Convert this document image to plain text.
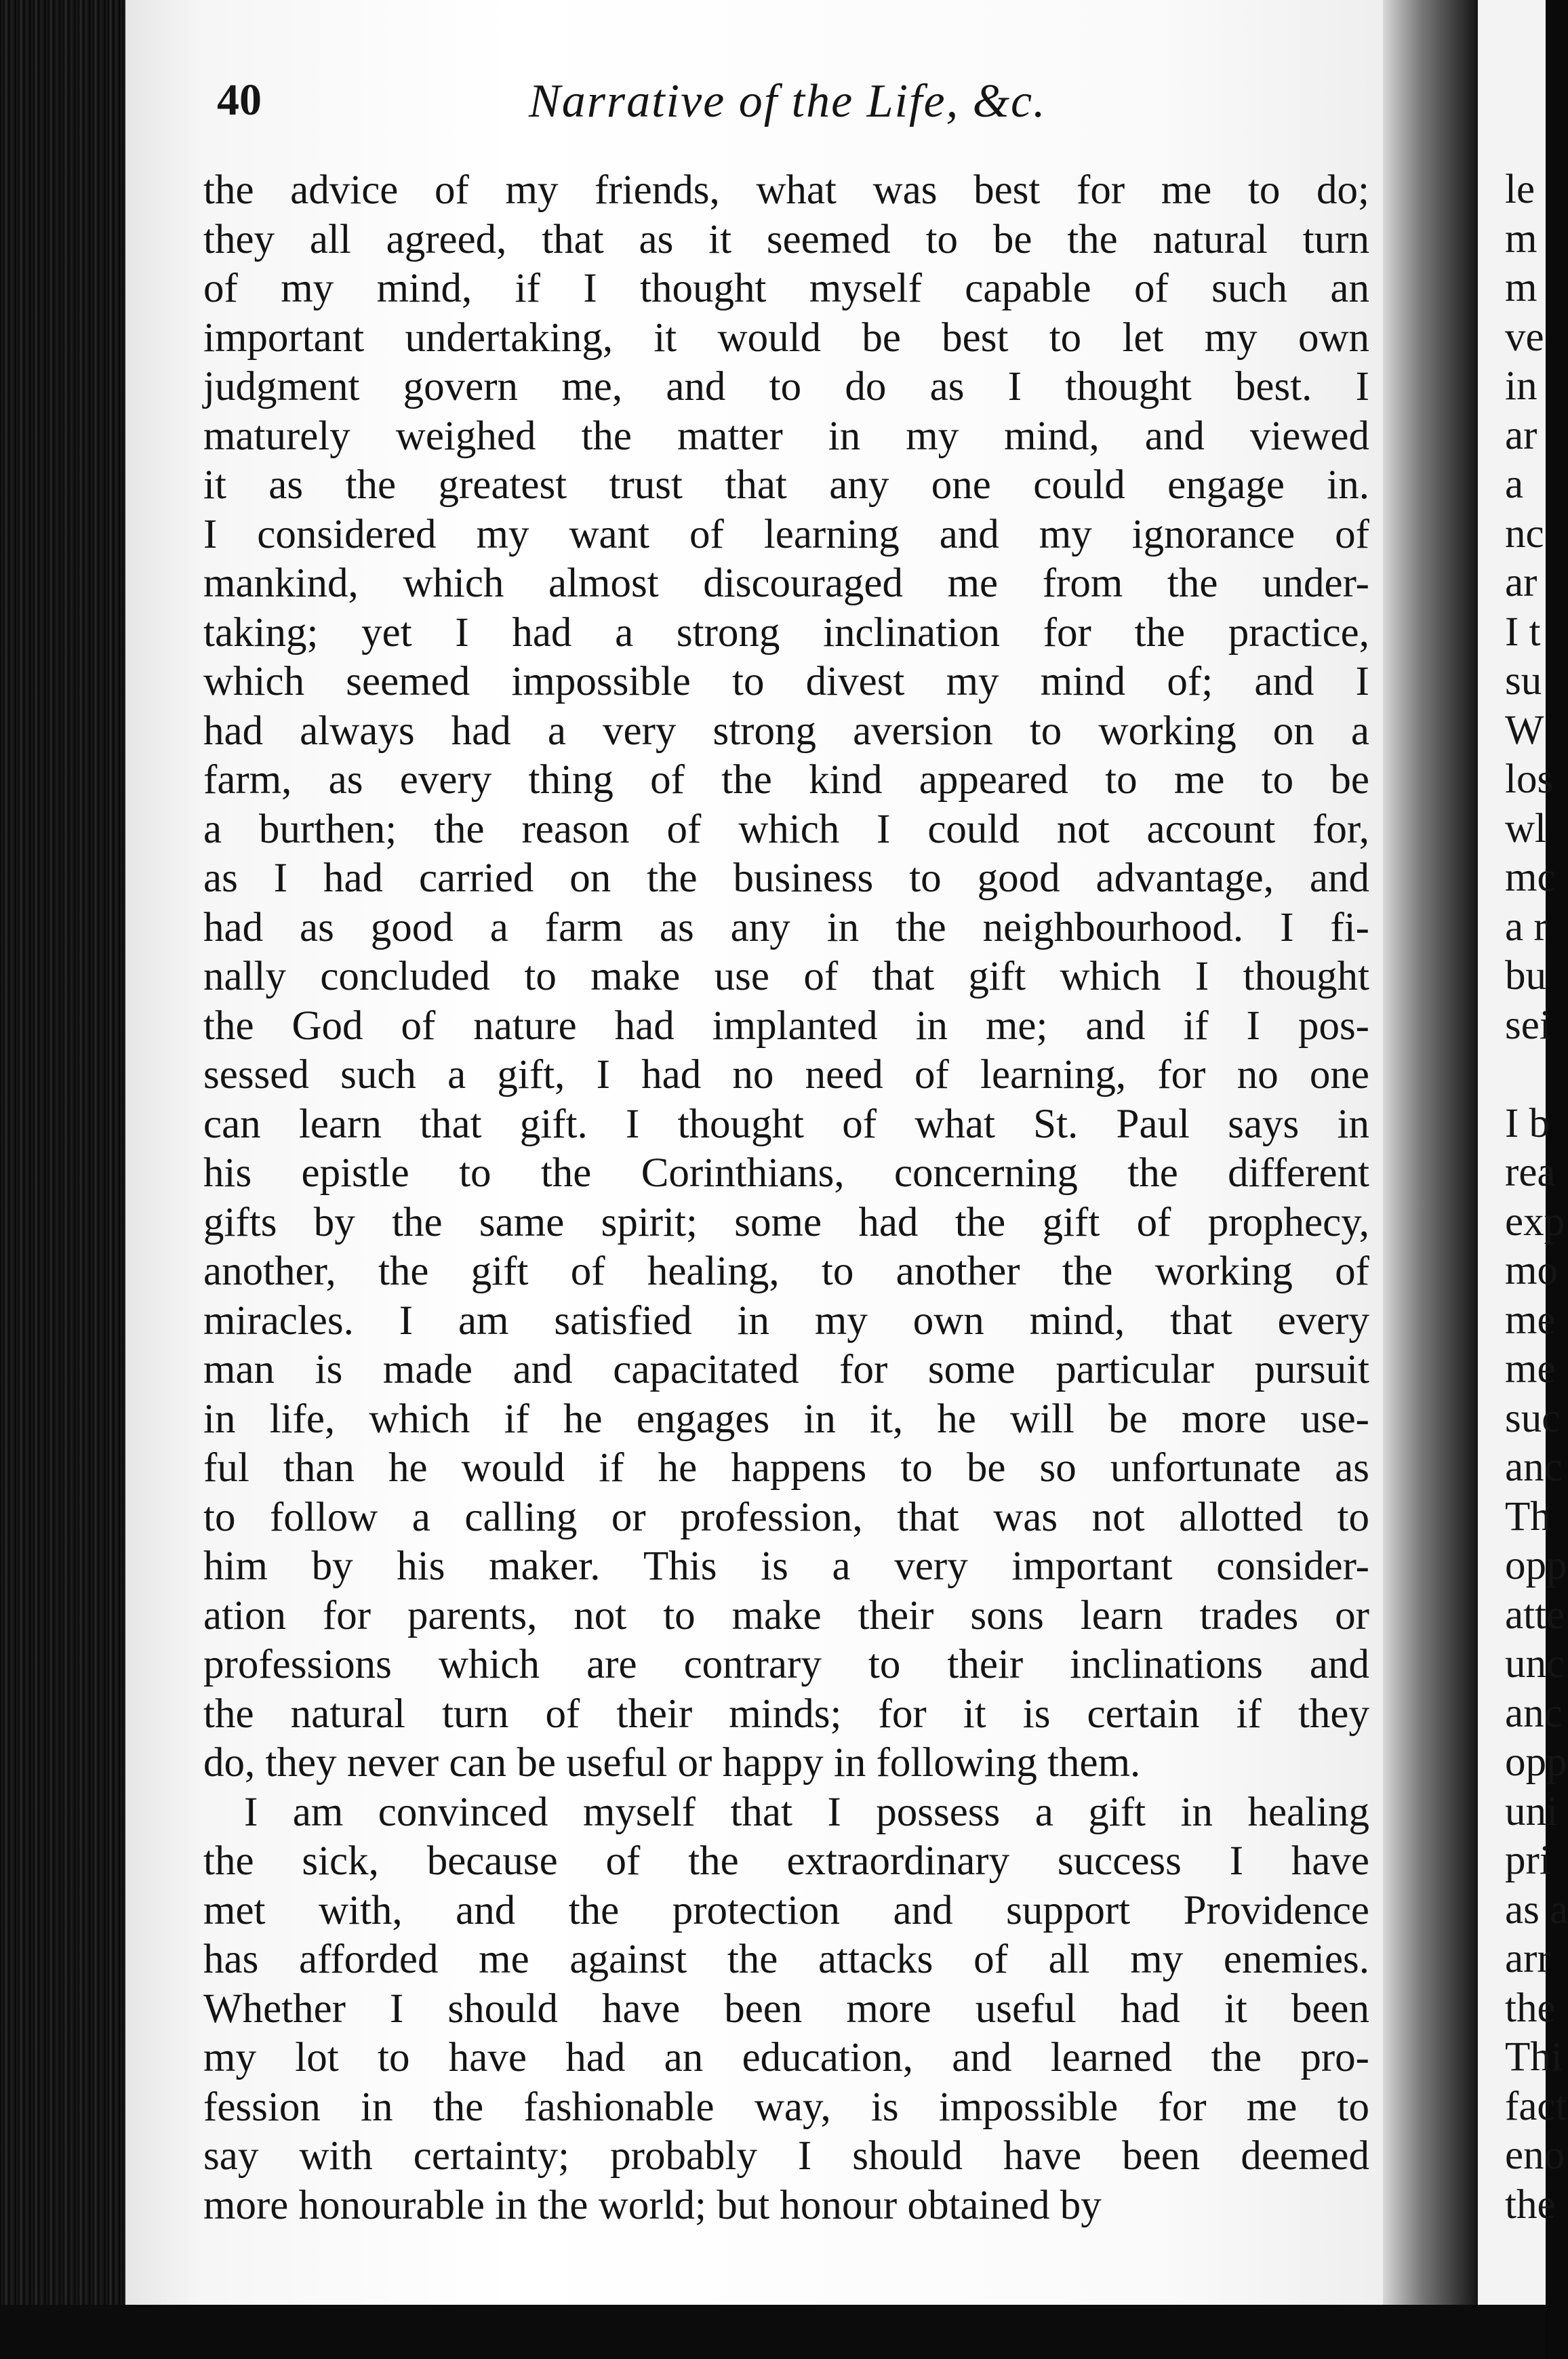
le
m
m
ve
in
ar
a
nc
ar
I t
su
W
los
wl
mc
a r
bu
sei
I b
rea
exp
mo
me
me
suc
anc
Th
opp
atte
unc
anc
opp
uni
pri
as a
arr
the
Thi
fact
eno
the
40	Narrative of the Life, &c.
the advice of my friends, what was best for me to do;
they all agreed, that as it seemed to be the natural turn
of my mind, if I thought myself capable of such an
important undertaking, it would be best to let my own
judgment govern me, and to do as I thought best. I
maturely weighed the matter in my mind, and viewed
it as the greatest trust that any one could engage in.
I considered my want of learning and my ignorance of
mankind, which almost discouraged me from the under-
taking; yet I had a strong inclination for the practice,
which seemed impossible to divest my mind of; and I
had always had a very strong aversion to working on a
farm, as every thing of the kind appeared to me to be
a burthen; the reason of which I could not account for,
as I had carried on the business to good advantage, and
had as good a farm as any in the neighbourhood. I fi-
nally concluded to make use of that gift which I thought
the God of nature had implanted in me; and if I pos-
sessed such a gift, I had no need of learning, for no one
can learn that gift. I thought of what St. Paul says in
his epistle to the Corinthians, concerning the different
gifts by the same spirit; some had the gift of prophecy,
another, the gift of healing, to another the working of
miracles. I am satisfied in my own mind, that every
man is made and capacitated for some particular pursuit
in life, which if he engages in it, he will be more use-
ful than he would if he happens to be so unfortunate as
to follow a calling or profession, that was not allotted to
him by his maker. This is a very important consider-
ation for parents, not to make their sons learn trades or
professions which are contrary to their inclinations and
the natural turn of their minds; for it is certain if they
do, they never can be useful or happy in following them.
I am convinced myself that I possess a gift in healing
the sick, because of the extraordinary success I have
met with, and the protection and support Providence
has afforded me against the attacks of all my enemies.
Whether I should have been more useful had it been
my lot to have had an education, and learned the pro-
fession in the fashionable way, is impossible for me to
say with certainty; probably I should have been deemed
more honourable in the world; but honour obtained by
